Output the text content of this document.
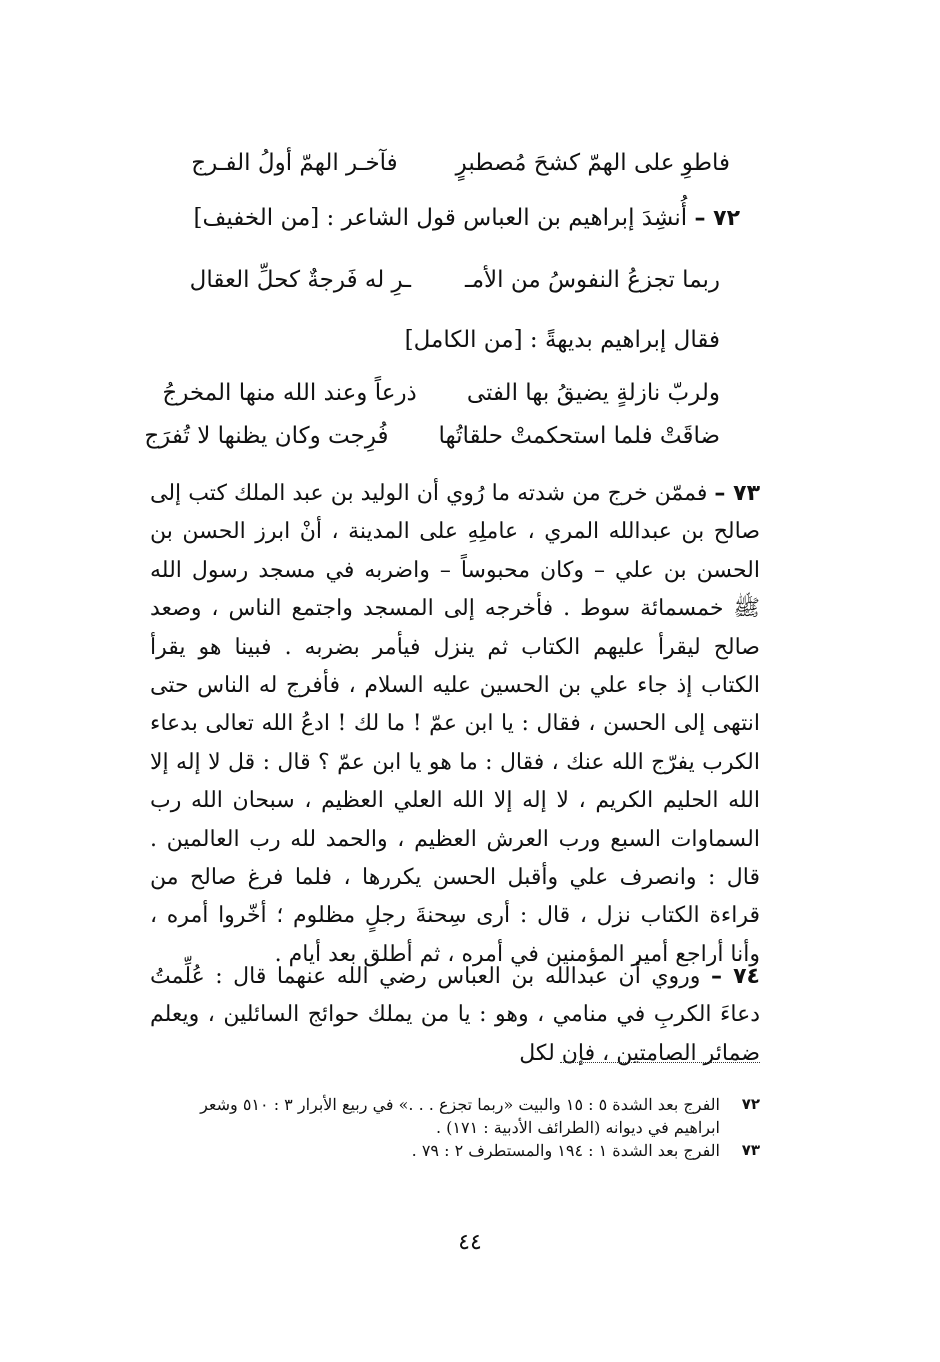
فاطوِ على الهمّ كشحَ مُصطبرٍ
فآخـر الهمّ أولُ الفـرج
٧٢ – أُنشِدَ إبراهيم بن العباس قول الشاعر : [من الخفيف]
ربما تجزعُ النفوسُ من الأمـ
ـرِ له فَرجةٌ كحلِّ العقال
فقال إبراهيم بديهةً : [من الكامل]
ولربّ نازلةٍ يضيقُ بها الفتى
ذرعاً وعند الله منها المخرجُ
ضاقَتْ فلما استحكمتْ حلقاتُها
فُرِجت وكان يظنها لا تُفرَج

٧٣ – فممّن خرج من شدته ما رُوي أن الوليد بن عبد الملك كتب إلى صالح بن عبدالله المري ، عاملِهِ على المدينة ، أنْ ابرز الحسن بن الحسن بن علي – وكان محبوساً – واضربه في مسجد رسول الله ﷺ خمسمائة سوط . فأخرجه إلى المسجد واجتمع الناس ، وصعد صالح ليقرأ عليهم الكتاب ثم ينزل فيأمر بضربه . فبينا هو يقرأ الكتاب إذ جاء علي بن الحسين عليه السلام ، فأفرج له الناس حتى انتهى إلى الحسن ، فقال : يا ابن عمّ ! ما لك ! ادعُ الله تعالى بدعاء الكرب يفرّج الله عنك ، فقال : ما هو يا ابن عمّ ؟ قال : قل لا إله إلا الله الحليم الكريم ، لا إله إلا الله العلي العظيم ، سبحان الله رب السماوات السبع ورب العرش العظيم ، والحمد لله رب العالمين . قال : وانصرف علي وأقبل الحسن يكررها ، فلما فرغ صالح من قراءة الكتاب نزل ، قال : أرى سِحنةَ رجلٍ مظلوم ؛ أخّروا أمره ، وأنا أراجع أمير المؤمنين في أمره ، ثم أطلق بعد أيام .

٧٤ – وروي أن عبدالله بن العباس رضي الله عنهما قال : عُلِّمتُ دعاءَ الكربِ في منامي ، وهو : يا من يملك حوائج السائلين ، ويعلم ضمائر الصامتين ، فإن لكل

٧٢
الفرج بعد الشدة ٥ : ١٥ والبيت «ربما تجزع . . .» في ربيع الأبرار ٣ : ٥١٠ وشعر ابراهيم في ديوانه (الطرائف الأدبية : ١٧١) .
٧٣
الفرج بعد الشدة ١ : ١٩٤ والمستطرف ٢ : ٧٩ .
٤٤
